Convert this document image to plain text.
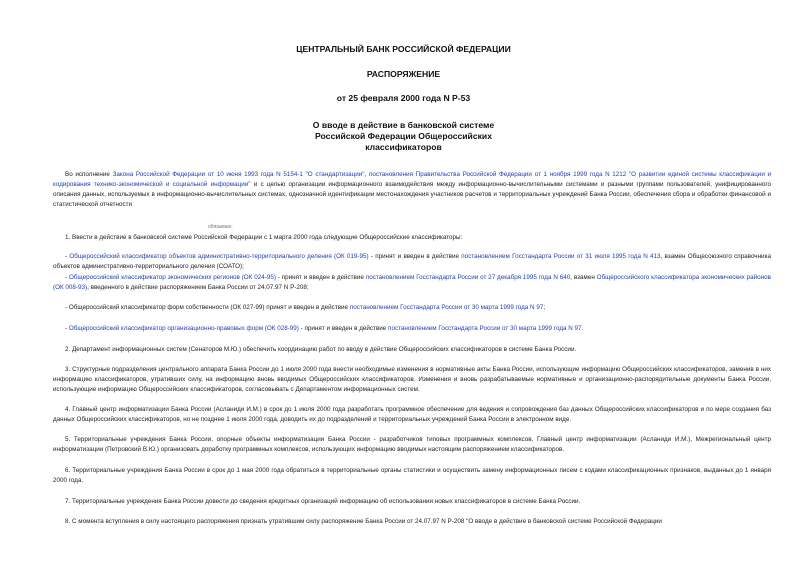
ЦЕНТРАЛЬНЫЙ БАНК РОССИЙСКОЙ ФЕДЕРАЦИИ
РАСПОРЯЖЕНИЕ
от 25 февраля 2000 года N Р-53
О вводе в действие в банковской системе
Российской Федерации Общероссийских
классификаторов
Во исполнение Закона Российской Федерации от 10 июня 1993 года N 5154-1 "О стандартизации", постановления Правительства Российской Федерации от 1 ноября 1999 года N 1212 "О развитии единой системы классификации и кодирования технико-экономической и социальной информации" и с целью организации информационного взаимодействия между информационно-вычислительными системами и разными группами пользователей, унифицированного описания данных, используемых в информационно-вычислительных системах, однозначной идентификации местонахождения участников расчетов и территориальных учреждений Банка России, обеспечения сбора и обработки финансовой и статистической отчетности
обязываю:
1. Ввести в действие в банковской системе Российской Федерации с 1 марта 2000 года следующие Общероссийские классификаторы:
- Общероссийский классификатор объектов административно-территориального деления (ОК 019-95) - принят и введен в действие постановлением Госстандарта России от 31 июля 1995 года N 413, взамен Общесоюзного справочника объектов административно-территориального деления (СОАТО);
- Общероссийский классификатор экономических регионов (ОК 024-95) - принят и введен в действие постановлением Госстандарта России от 27 декабря 1995 года N 640, взамен Общероссийского классификатора экономических районов (ОК 008-93), введенного в действие распоряжением Банка России от 24.07.97 N Р-208;
- Общероссийский классификатор форм собственности (ОК 027-99) принят и введен в действие постановлением Госстандарта России от 30 марта 1999 года N 97;
- Общероссийский классификатор организационно-правовых форм (ОК 028-99) - принят и введен в действие постановлением Госстандарта России от 30 марта 1999 года N 97.
2. Департамент информационных систем (Сенаторов М.Ю.) обеспечить координацию работ по вводу в действие Общероссийских классификаторов в системе Банка России.
3. Структурные подразделения центрального аппарата Банка России до 1 июля 2000 года внести необходимые изменения в нормативные акты Банка России, использующие информацию Общероссийских классификаторов, заменив в них информацию классификаторов, утративших силу, на информацию вновь вводимых Общероссийских классификаторов. Изменения и вновь разрабатываемые нормативные и организационно-распорядительные документы Банка России, использующие информацию Общероссийских классификаторов, согласовывать с Департаментом информационных систем.
4. Главный центр информатизации Банка России (Асланиди И.М.) в срок до 1 июля 2000 года разработать программное обеспечение для ведения и сопровождения баз данных Общероссийских классификаторов и по мере создания баз данных Общероссийских классификаторов, но не позднее 1 июля 2000 года, доводить их до подразделений и территориальных учреждений Банка России в электронном виде.
5. Территориальные учреждения Банка России, опорные объекты информатизации Банка России - разработчиков типовых программных комплексов, Главный центр информатизации (Асланиди И.М.), Межрегиональный центр информатизации (Петровский В.Ю.) организовать доработку программных комплексов, использующих информацию вводимых настоящим распоряжением классификаторов.
6. Территориальные учреждения Банка России в срок до 1 мая 2000 года обратиться в территориальные органы статистики и осуществить замену информационных писем с кодами классификационных признаков, выданных до 1 января 2000 года.
7. Территориальные учреждения Банка России довести до сведения кредитных организаций информацию об использовании новых классификаторов в системе Банка России.
8. С момента вступления в силу настоящего распоряжения признать утратившим силу распоряжение Банка России от 24.07.97 N Р-208 "О вводе в действие в банковской системе Российской Федерации
